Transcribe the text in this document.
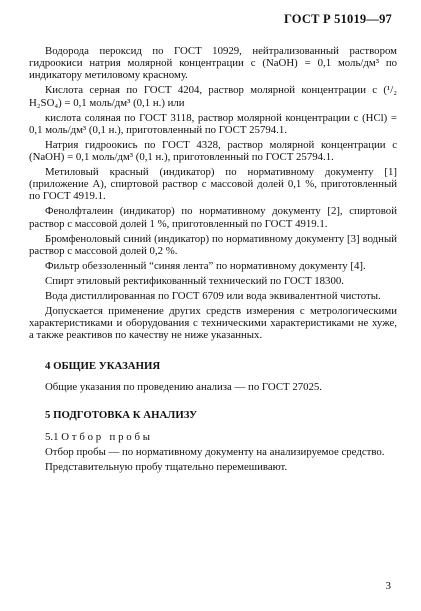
ГОСТ Р 51019—97

Водорода пероксид по ГОСТ 10929, нейтрализованный раствором гидроокиси натрия молярной концентрации c (NaOH) = 0,1 моль/дм³ по индикатору метиловому красному.

Кислота серная по ГОСТ 4204, раствор молярной концентрации c (¹/₂ H₂SO₄) = 0,1 моль/дм³ (0,1 н.) или

кислота соляная по ГОСТ 3118, раствор молярной концентрации c (HCl) = 0,1 моль/дм³ (0,1 н.), приготовленный по ГОСТ 25794.1.

Натрия гидроокись по ГОСТ 4328, раствор молярной концентрации c (NaOH) = 0,1 моль/дм³ (0,1 н.), приготовленный по ГОСТ 25794.1.

Метиловый красный (индикатор) по нормативному документу [1] (приложение А), спиртовой раствор с массовой долей 0,1 %, приготовленный по ГОСТ 4919.1.

Фенолфталеин (индикатор) по нормативному документу [2], спиртовой раствор с массовой долей 1 %, приготовленный по ГОСТ 4919.1.

Бромфеноловый синий (индикатор) по нормативному документу [3] водный раствор с массовой долей 0,2 %.

Фильтр обеззоленный “синяя лента” по нормативному документу [4].

Спирт этиловый ректификованный технический по ГОСТ 18300.

Вода дистиллированная по ГОСТ 6709 или вода эквивалентной чистоты.

Допускается применение других средств измерения с метрологическими характеристиками и оборудования с техническими характеристиками не хуже, а также реактивов по качеству не ниже указанных.

4 ОБЩИЕ УКАЗАНИЯ

Общие указания по проведению анализа — по ГОСТ 27025.

5 ПОДГОТОВКА К АНАЛИЗУ

5.1 Отбор пробы

Отбор пробы — по нормативному документу на анализируемое средство.

Представительную пробу тщательно перемешивают.

3
